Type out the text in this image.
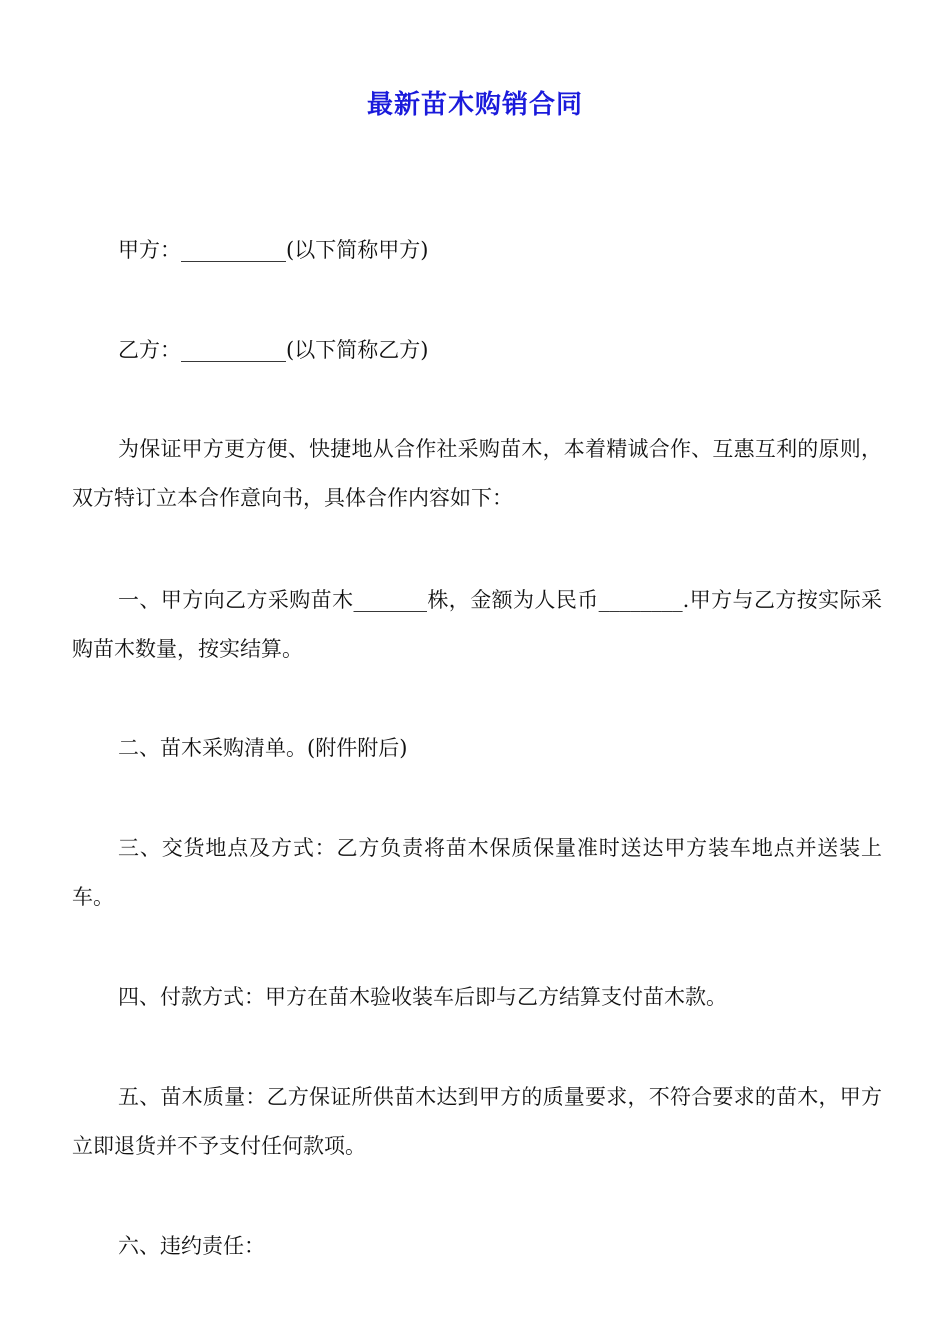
最新苗木购销合同

甲方：__________(以下简称甲方)

乙方：__________(以下简称乙方)

为保证甲方更方便、快捷地从合作社采购苗木，本着精诚合作、互惠互利的原则，双方特订立本合作意向书，具体合作内容如下：

一、甲方向乙方采购苗木_______株，金额为人民币________.甲方与乙方按实际采购苗木数量，按实结算。

二、苗木采购清单。(附件附后)

三、交货地点及方式：乙方负责将苗木保质保量准时送达甲方装车地点并送装上车。

四、付款方式：甲方在苗木验收装车后即与乙方结算支付苗木款。

五、苗木质量：乙方保证所供苗木达到甲方的质量要求，不符合要求的苗木，甲方立即退货并不予支付任何款项。

六、违约责任：
